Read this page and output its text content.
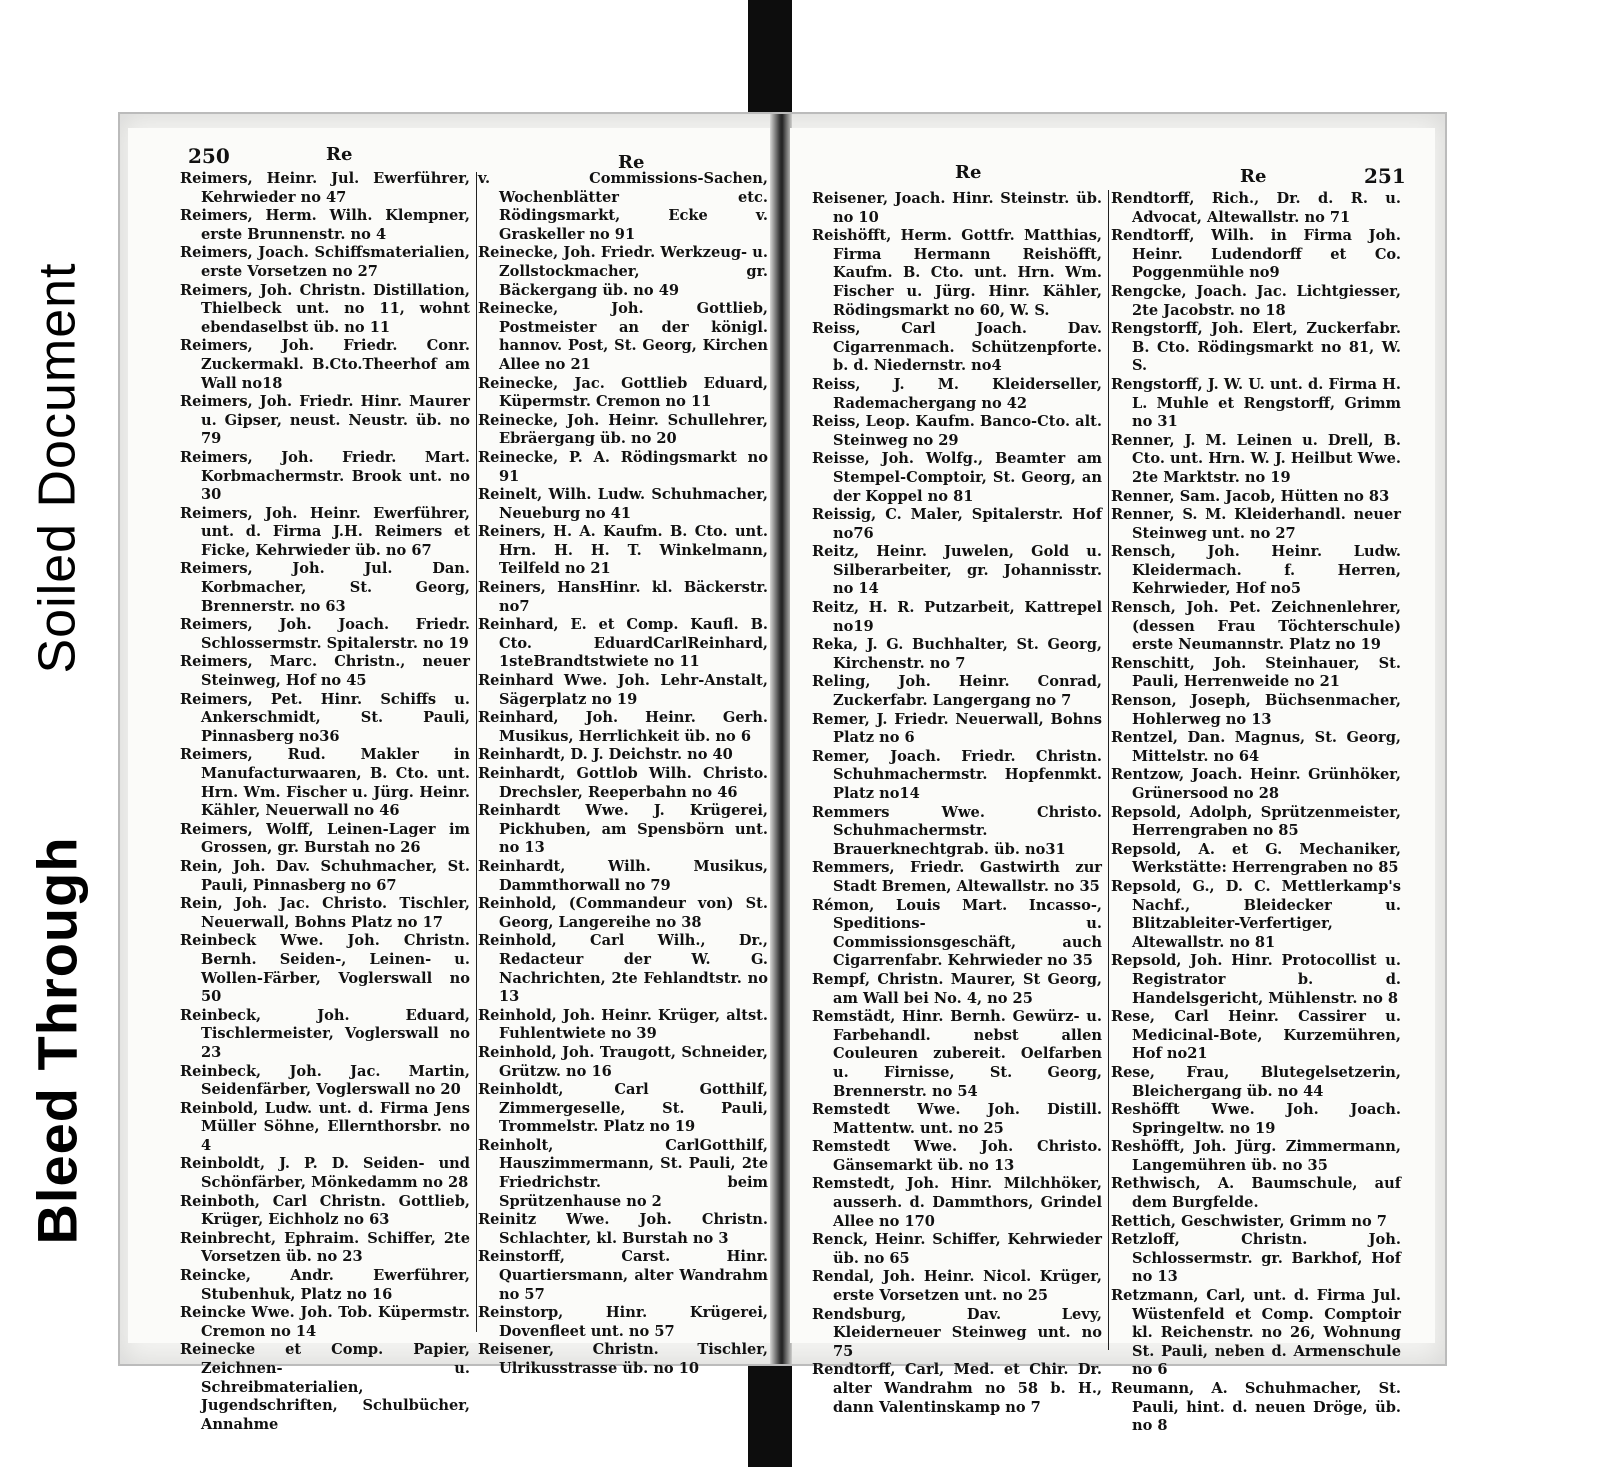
Soiled Document
Bleed Through
250	Re	Re

Reimers, Heinr. Jul. Ewerführer, Kehrwieder no 47

Reimers, Herm. Wilh. Klempner, erste Brunnenstr. no 4

Reimers, Joach. Schiffsmaterialien, erste Vorsetzen no 27

Reimers, Joh. Christn. Distillation, Thielbeck unt. no 11, wohnt ebendaselbst üb. no 11

Reimers, Joh. Friedr. Conr. Zuckermakl. B.Cto.Theerhof am Wall no18

Reimers, Joh. Friedr. Hinr. Maurer u. Gipser, neust. Neustr. üb. no 79

Reimers, Joh. Friedr. Mart. Korbmachermstr. Brook unt. no 30

Reimers, Joh. Heinr. Ewerführer, unt. d. Firma J.H. Reimers et Ficke, Kehrwieder üb. no 67

Reimers, Joh. Jul. Dan. Korbmacher, St. Georg, Brennerstr. no 63

Reimers, Joh. Joach. Friedr. Schlossermstr. Spitalerstr. no 19

Reimers, Marc. Christn., neuer Steinweg, Hof no 45

Reimers, Pet. Hinr. Schiffs u. Ankerschmidt, St. Pauli, Pinnasberg no36

Reimers, Rud. Makler in Manufacturwaaren, B. Cto. unt. Hrn. Wm. Fischer u. Jürg. Heinr. Kähler, Neuerwall no 46

Reimers, Wolff, Leinen-Lager im Grossen, gr. Burstah no 26

Rein, Joh. Dav. Schuhmacher, St. Pauli, Pinnasberg no 67

Rein, Joh. Jac. Christo. Tischler, Neuerwall, Bohns Platz no 17

Reinbeck Wwe. Joh. Christn. Bernh. Seiden-, Leinen- u. Wollen-Färber, Voglerswall no 50

Reinbeck, Joh. Eduard, Tischlermeister, Voglerswall no 23

Reinbeck, Joh. Jac. Martin, Seidenfärber, Voglerswall no 20

Reinbold, Ludw. unt. d. Firma Jens Müller Söhne, Ellernthorsbr. no 4

Reinboldt, J. P. D. Seiden- und Schönfärber, Mönkedamm no 28

Reinboth, Carl Christn. Gottlieb, Krüger, Eichholz no 63

Reinbrecht, Ephraim. Schiffer, 2te Vorsetzen üb. no 23

Reincke, Andr. Ewerführer, Stubenhuk, Platz no 16

Reincke Wwe. Joh. Tob. Küpermstr. Cremon no 14

Reinecke et Comp. Papier, Zeichnen- u. Schreibmaterialien, Jugendschriften, Schulbücher, Annahme

v. Commissions-Sachen, Wochenblätter etc. Rödingsmarkt, Ecke v. Graskeller no 91

Reinecke, Joh. Friedr. Werkzeug- u. Zollstockmacher, gr. Bäckergang üb. no 49

Reinecke, Joh. Gottlieb, Postmeister an der königl. hannov. Post, St. Georg, Kirchen Allee no 21

Reinecke, Jac. Gottlieb Eduard, Küpermstr. Cremon no 11

Reinecke, Joh. Heinr. Schullehrer, Ebräergang üb. no 20

Reinecke, P. A. Rödingsmarkt no 91

Reinelt, Wilh. Ludw. Schuhmacher, Neueburg no 41

Reiners, H. A. Kaufm. B. Cto. unt. Hrn. H. H. T. Winkelmann, Teilfeld no 21

Reiners, HansHinr. kl. Bäckerstr. no7

Reinhard, E. et Comp. Kaufl. B. Cto. EduardCarlReinhard, 1steBrandtstwiete no 11

Reinhard Wwe. Joh. Lehr-Anstalt, Sägerplatz no 19

Reinhard, Joh. Heinr. Gerh. Musikus, Herrlichkeit üb. no 6

Reinhardt, D. J. Deichstr. no 40

Reinhardt, Gottlob Wilh. Christo. Drechsler, Reeperbahn no 46

Reinhardt Wwe. J. Krügerei, Pickhuben, am Spensbörn unt. no 13

Reinhardt, Wilh. Musikus, Dammthorwall no 79

Reinhold, (Commandeur von) St. Georg, Langereihe no 38

Reinhold, Carl Wilh., Dr., Redacteur der W. G. Nachrichten, 2te Fehlandtstr. no 13

Reinhold, Joh. Heinr. Krüger, altst. Fuhlentwiete no 39

Reinhold, Joh. Traugott, Schneider, Grützw. no 16

Reinholdt, Carl Gotthilf, Zimmergeselle, St. Pauli, Trommelstr. Platz no 19

Reinholt, CarlGotthilf, Hauszimmermann, St. Pauli, 2te Friedrichstr. beim Sprützenhause no 2

Reinitz Wwe. Joh. Christn. Schlachter, kl. Burstah no 3

Reinstorff, Carst. Hinr. Quartiersmann, alter Wandrahm no 57

Reinstorp, Hinr. Krügerei, Dovenfleet unt. no 57

Reisener, Christn. Tischler, Ulrikusstrasse üb. no 10

Re	Re	251

Reisener, Joach. Hinr. Steinstr. üb. no 10

Reishöfft, Herm. Gottfr. Matthias, Firma Hermann Reishöfft, Kaufm. B. Cto. unt. Hrn. Wm. Fischer u. Jürg. Hinr. Kähler, Rödingsmarkt no 60, W. S.

Reiss, Carl Joach. Dav. Cigarrenmach. Schützenpforte. b. d. Niedernstr. no4

Reiss, J. M. Kleiderseller, Rademachergang no 42

Reiss, Leop. Kaufm. Banco-Cto. alt. Steinweg no 29

Reisse, Joh. Wolfg., Beamter am Stempel-Comptoir, St. Georg, an der Koppel no 81

Reissig, C. Maler, Spitalerstr. Hof no76

Reitz, Heinr. Juwelen, Gold u. Silberarbeiter, gr. Johannisstr. no 14

Reitz, H. R. Putzarbeit, Kattrepel no19

Reka, J. G. Buchhalter, St. Georg, Kirchenstr. no 7

Reling, Joh. Heinr. Conrad, Zuckerfabr. Langergang no 7

Remer, J. Friedr. Neuerwall, Bohns Platz no 6

Remer, Joach. Friedr. Christn. Schuhmachermstr. Hopfenmkt. Platz no14

Remmers Wwe. Christo. Schuhmachermstr. Brauerknechtgrab. üb. no31

Remmers, Friedr. Gastwirth zur Stadt Bremen, Altewallstr. no 35

Rémon, Louis Mart. Incasso-, Speditions- u. Commissionsgeschäft, auch Cigarrenfabr. Kehrwieder no 35

Rempf, Christn. Maurer, St Georg, am Wall bei No. 4, no 25

Remstädt, Hinr. Bernh. Gewürz- u. Farbehandl. nebst allen Couleuren zubereit. Oelfarben u. Firnisse, St. Georg, Brennerstr. no 54

Remstedt Wwe. Joh. Distill. Mattentw. unt. no 25

Remstedt Wwe. Joh. Christo. Gänsemarkt üb. no 13

Remstedt, Joh. Hinr. Milchhöker, ausserh. d. Dammthors, Grindel Allee no 170

Renck, Heinr. Schiffer, Kehrwieder üb. no 65

Rendal, Joh. Heinr. Nicol. Krüger, erste Vorsetzen unt. no 25

Rendsburg, Dav. Levy, Kleiderneuer Steinweg unt. no 75

Rendtorff, Carl, Med. et Chir. Dr. alter Wandrahm no 58 b. H., dann Valentinskamp no 7

Rendtorff, Rich., Dr. d. R. u. Advocat, Altewallstr. no 71

Rendtorff, Wilh. in Firma Joh. Heinr. Ludendorff et Co. Poggenmühle no9

Rengcke, Joach. Jac. Lichtgiesser, 2te Jacobstr. no 18

Rengstorff, Joh. Elert, Zuckerfabr. B. Cto. Rödingsmarkt no 81, W. S.

Rengstorff, J. W. U. unt. d. Firma H. L. Muhle et Rengstorff, Grimm no 31

Renner, J. M. Leinen u. Drell, B. Cto. unt. Hrn. W. J. Heilbut Wwe. 2te Marktstr. no 19

Renner, Sam. Jacob, Hütten no 83

Renner, S. M. Kleiderhandl. neuer Steinweg unt. no 27

Rensch, Joh. Heinr. Ludw. Kleidermach. f. Herren, Kehrwieder, Hof no5

Rensch, Joh. Pet. Zeichnenlehrer, (dessen Frau Töchterschule) erste Neumannstr. Platz no 19

Renschitt, Joh. Steinhauer, St. Pauli, Herrenweide no 21

Renson, Joseph, Büchsenmacher, Hohlerweg no 13

Rentzel, Dan. Magnus, St. Georg, Mittelstr. no 64

Rentzow, Joach. Heinr. Grünhöker, Grünersood no 28

Repsold, Adolph, Sprützenmeister, Herrengraben no 85

Repsold, A. et G. Mechaniker, Werkstätte: Herrengraben no 85

Repsold, G., D. C. Mettlerkamp's Nachf., Bleidecker u. Blitzableiter-Verfertiger, Altewallstr. no 81

Repsold, Joh. Hinr. Protocollist u. Registrator b. d. Handelsgericht, Mühlenstr. no 8

Rese, Carl Heinr. Cassirer u. Medicinal-Bote, Kurzemühren, Hof no21

Rese, Frau, Blutegelsetzerin, Bleichergang üb. no 44

Reshöfft Wwe. Joh. Joach. Springeltw. no 19

Reshöfft, Joh. Jürg. Zimmermann, Langemühren üb. no 35

Rethwisch, A. Baumschule, auf dem Burgfelde.

Rettich, Geschwister, Grimm no 7

Retzloff, Christn. Joh. Schlossermstr. gr. Barkhof, Hof no 13

Retzmann, Carl, unt. d. Firma Jul. Wüstenfeld et Comp. Comptoir kl. Reichenstr. no 26, Wohnung St. Pauli, neben d. Armenschule no 6

Reumann, A. Schuhmacher, St. Pauli, hint. d. neuen Dröge, üb. no 8
